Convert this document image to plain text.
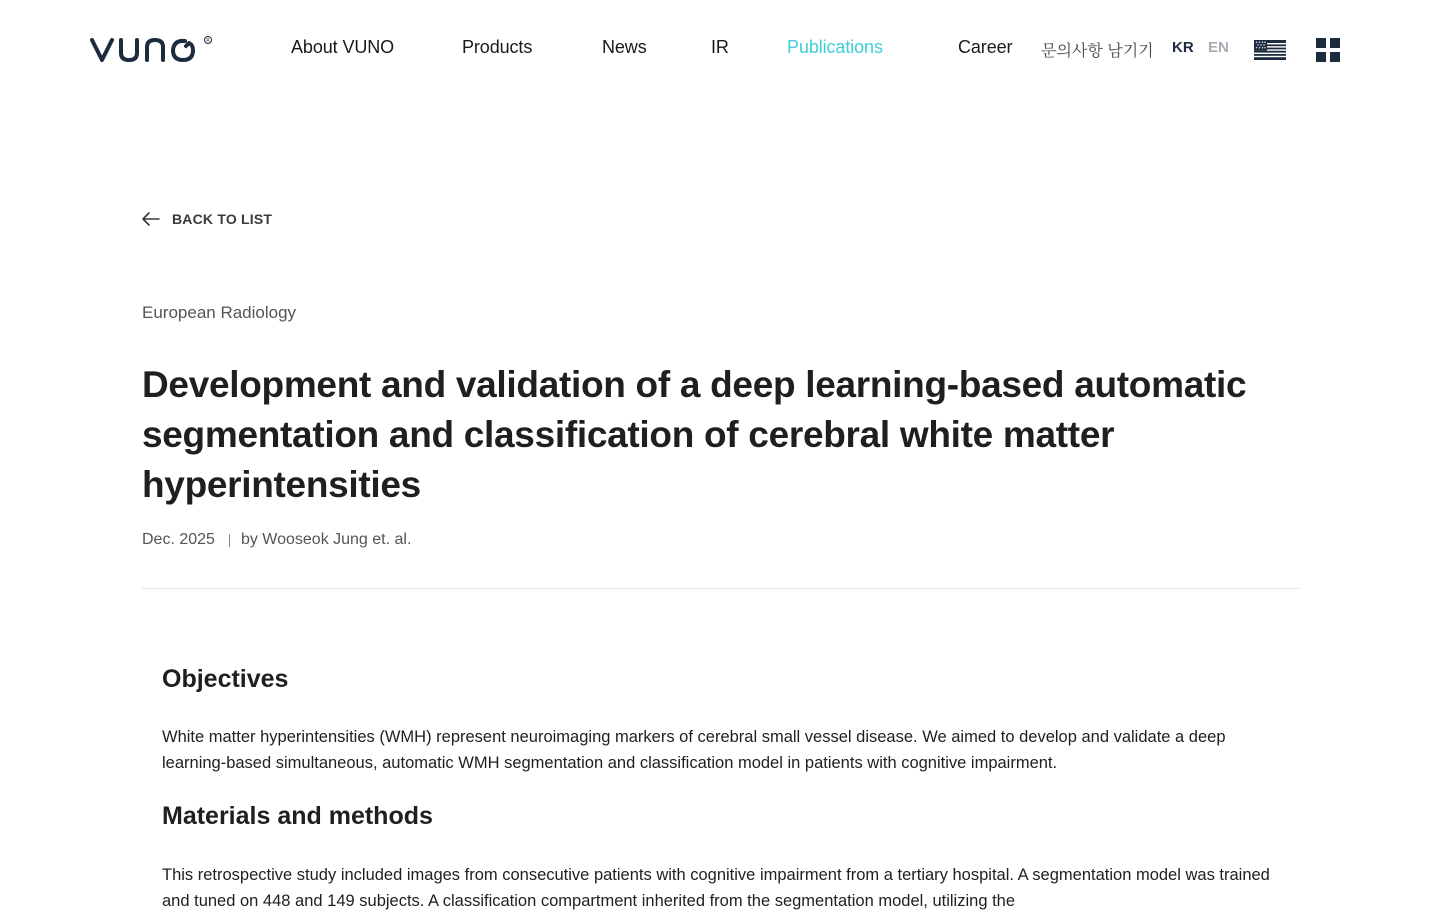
R	About VUNO	Products	News	IR	Publications	Career 문의사항 남기기 KR EN
BACK TO LIST
European Radiology
Development and validation of a deep learning-based automatic segmentation and classification of cerebral white matter hyperintensities
Dec. 2025 by Wooseok Jung et. al.
Objectives

White matter hyperintensities (WMH) represent neuroimaging markers of cerebral small vessel disease. We aimed to develop and validate a deep learning-based simultaneous, automatic WMH segmentation and classification model in patients with cognitive impairment.

Materials and methods

This retrospective study included images from consecutive patients with cognitive impairment from a tertiary hospital. A segmentation model was trained and tuned on 448 and 149 subjects. A classification compartment inherited from the segmentation model, utilizing the
